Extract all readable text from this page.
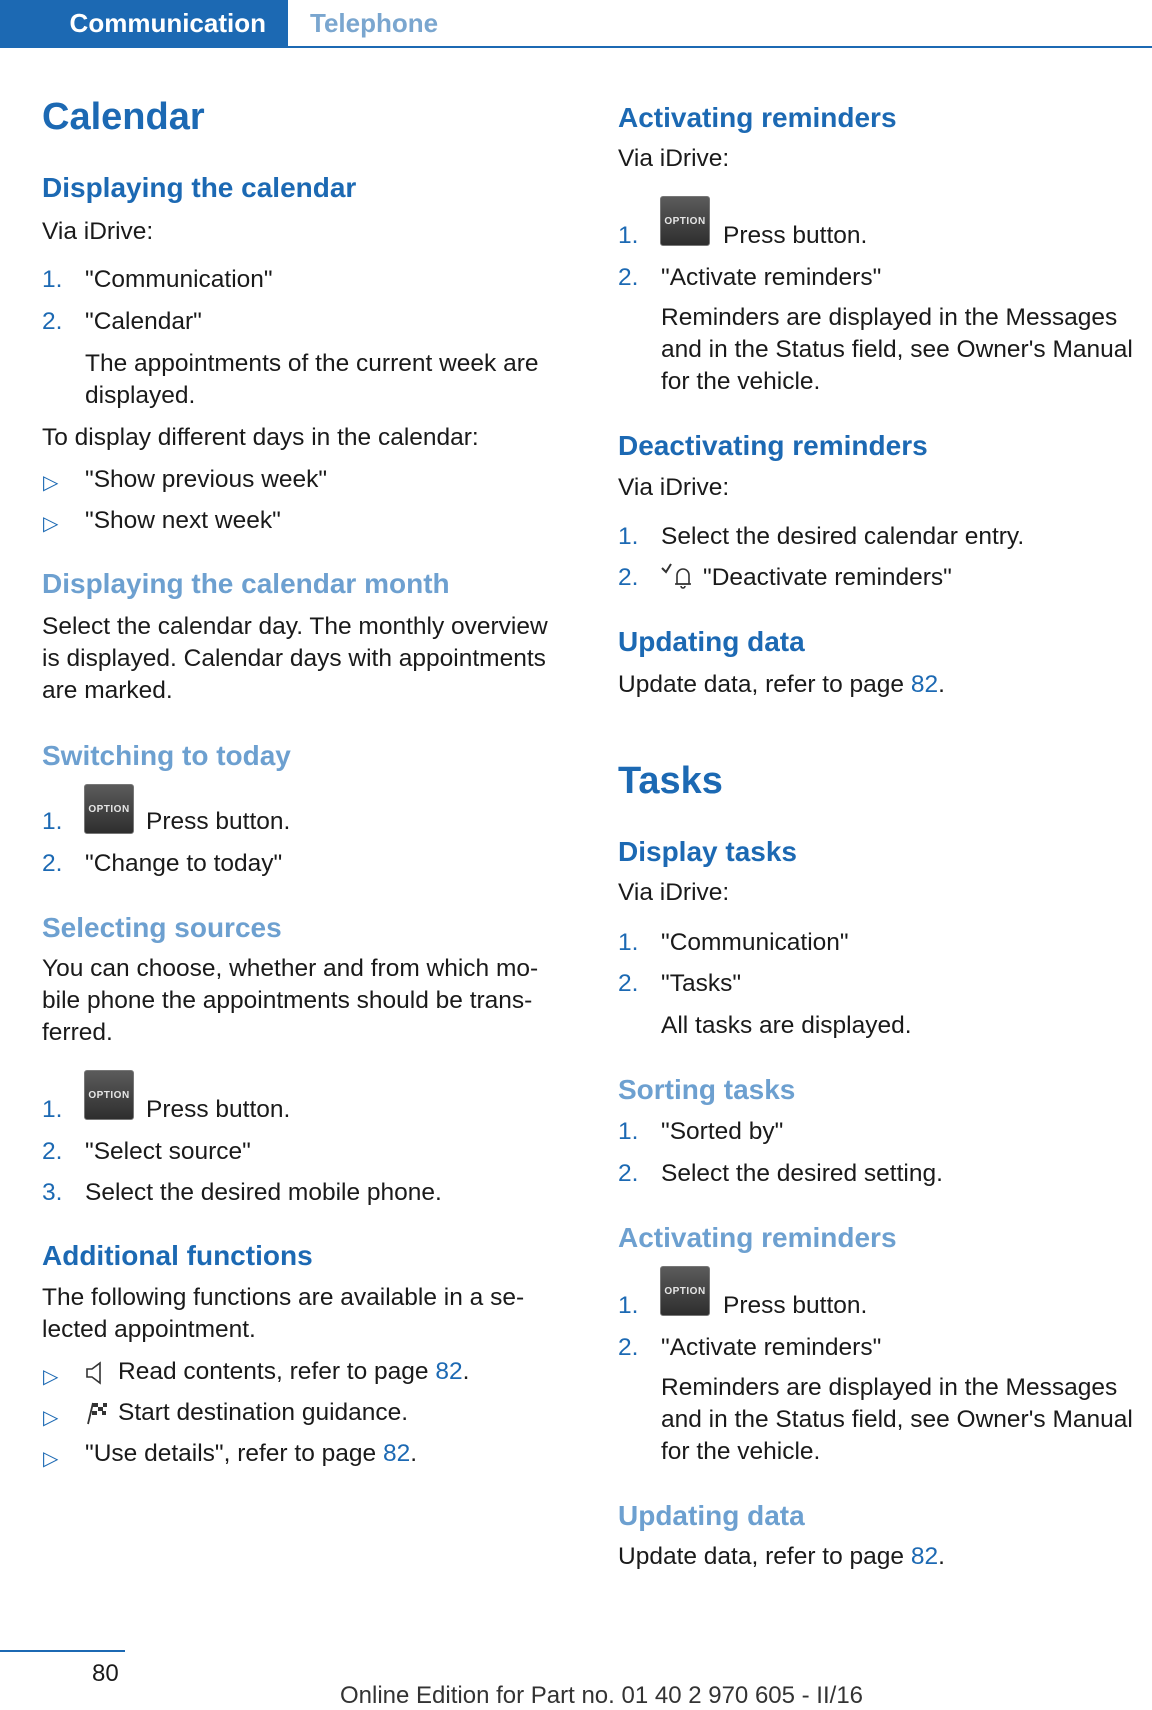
Communication	Telephone
Calendar
Displaying the calendar

Via iDrive:

1. "Communication"

2. "Calendar"

The appointments of the current week are

displayed.

To display different days in the calendar:

▷ "Show previous week"

▷ "Show next week"

Displaying the calendar month

Select the calendar day. The monthly overview

is displayed. Calendar days with appointments

are marked.

Switching to today
1.	OPTION Press button.

2. "Change to today"

Selecting sources

You can choose, whether and from which mo-

bile phone the appointments should be trans-

ferred.

1.
OPTION

Press button.

2. "Select source"

3. Select the desired mobile phone.

Additional functions

The following functions are available in a se-

lected appointment.

▷ Read contents, refer to page 82.

▷ Start destination guidance.

▷ "Use details", refer to page 82.

Activating reminders

Via iDrive:

1.
OPTION

Press button.

2. "Activate reminders"

Reminders are displayed in the Messages

and in the Status field, see Owner's Manual

for the vehicle.

Deactivating reminders

Via iDrive:

1. Select the desired calendar entry.

2.	"Deactivate reminders"

Updating data

Update data, refer to page 82.

Tasks
Display tasks

Via iDrive:

1. "Communication"

2. "Tasks"

All tasks are displayed.

Sorting tasks
1. "Sorted by"

2. Select the desired setting.

Activating reminders
1.
OPTION

Press button.

2. "Activate reminders"

Reminders are displayed in the Messages

and in the Status field, see Owner's Manual

for the vehicle.

Updating data

Update data, refer to page 82.

80
Online Edition for Part no. 01 40 2 970 605 - II/16
